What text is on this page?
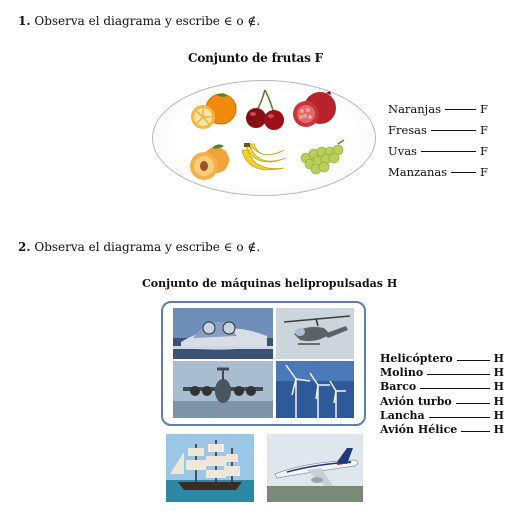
1. Observa el diagrama y escribe ∈ o ∉.
Conjunto de frutas F
Naranjas	F
Fresas	F
Uvas	F
Manzanas	F
2. Observa el diagrama y escribe ∈ o ∉.
Conjunto de máquinas helipropulsadas H
Helicóptero	H
Molino	H
Barco	H
Avión turbo	H
Lancha	H
Avión Hélice	H
